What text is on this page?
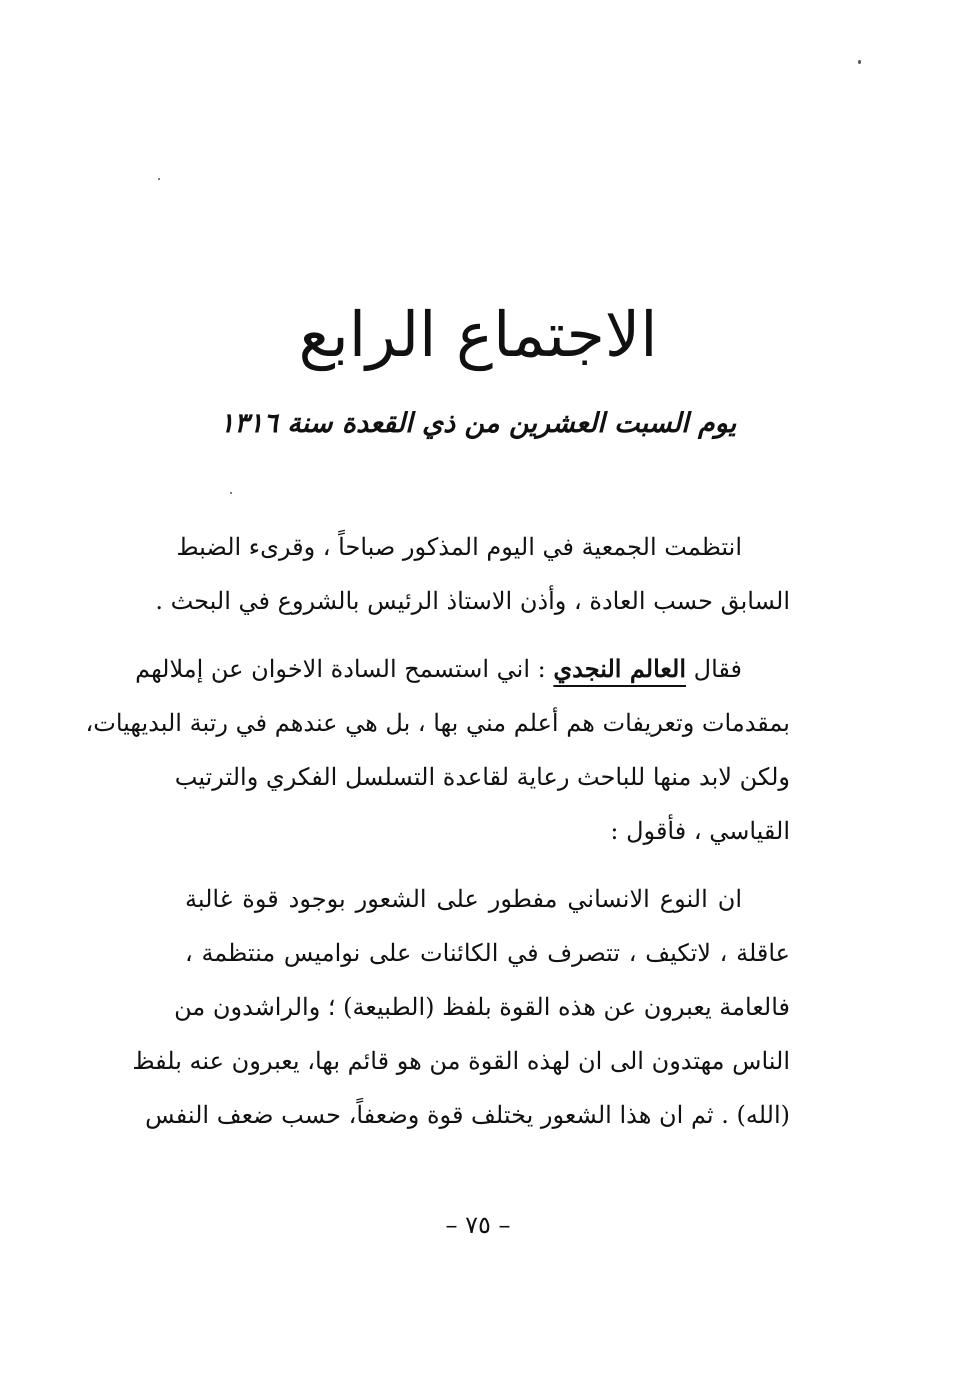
الاجتماع الرابع
يوم السبت العشرين من ذي القعدة سنة ١٣١٦
انتظمت الجمعية في اليوم المذكور صباحاً ، وقرىء الضبط
السابق حسب العادة ، وأذن الاستاذ الرئيس بالشروع في البحث .
فقال العالم النجدي : اني استسمح السادة الاخوان عن إملالهم
بمقدمات وتعريفات هم أعلم مني بها ، بل هي عندهم في رتبة البديهيات،
ولكن لابد منها للباحث رعاية لقاعدة التسلسل الفكري والترتيب
القياسي ، فأقول :
ان النوع الانساني مفطور على الشعور بوجود قوة غالبة
عاقلة ، لاتكيف ، تتصرف في الكائنات على نواميس منتظمة ،
فالعامة يعبرون عن هذه القوة بلفظ (الطبيعة) ؛ والراشدون من
الناس مهتدون الى ان لهذه القوة من هو قائم بها، يعبرون عنه بلفظ
(الله) . ثم ان هذا الشعور يختلف قوة وضعفاً، حسب ضعف النفس
– ٧٥ –
